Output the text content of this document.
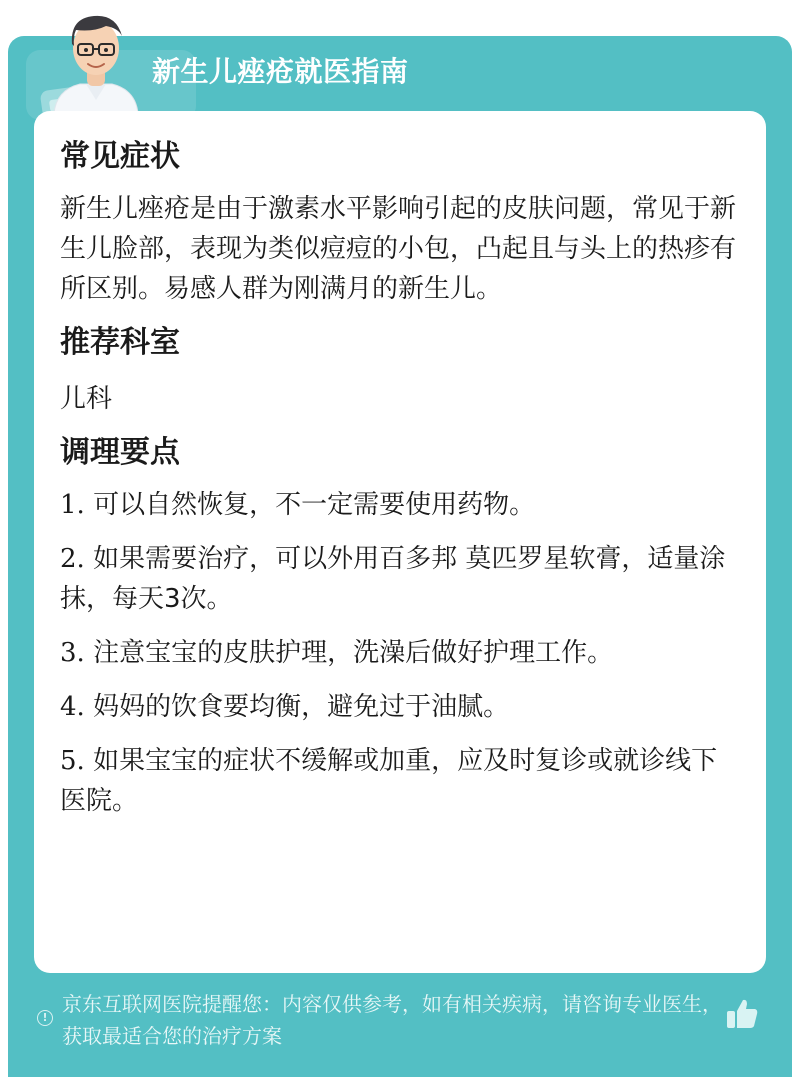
新生儿痤疮就医指南
常见症状

新生儿痤疮是由于激素水平影响引起的皮肤问题，常见于新生儿脸部，表现为类似痘痘的小包，凸起且与头上的热疹有所区别。易感人群为刚满月的新生儿。

推荐科室

儿科

调理要点
1. 可以自然恢复，不一定需要使用药物。
2. 如果需要治疗，可以外用百多邦 莫匹罗星软膏，适量涂抹，每天3次。
3. 注意宝宝的皮肤护理，洗澡后做好护理工作。
4. 妈妈的饮食要均衡，避免过于油腻。
5. 如果宝宝的症状不缓解或加重，应及时复诊或就诊线下医院。
!
京东互联网医院提醒您：内容仅供参考，如有相关疾病，请咨询专业医生，获取最适合您的治疗方案
